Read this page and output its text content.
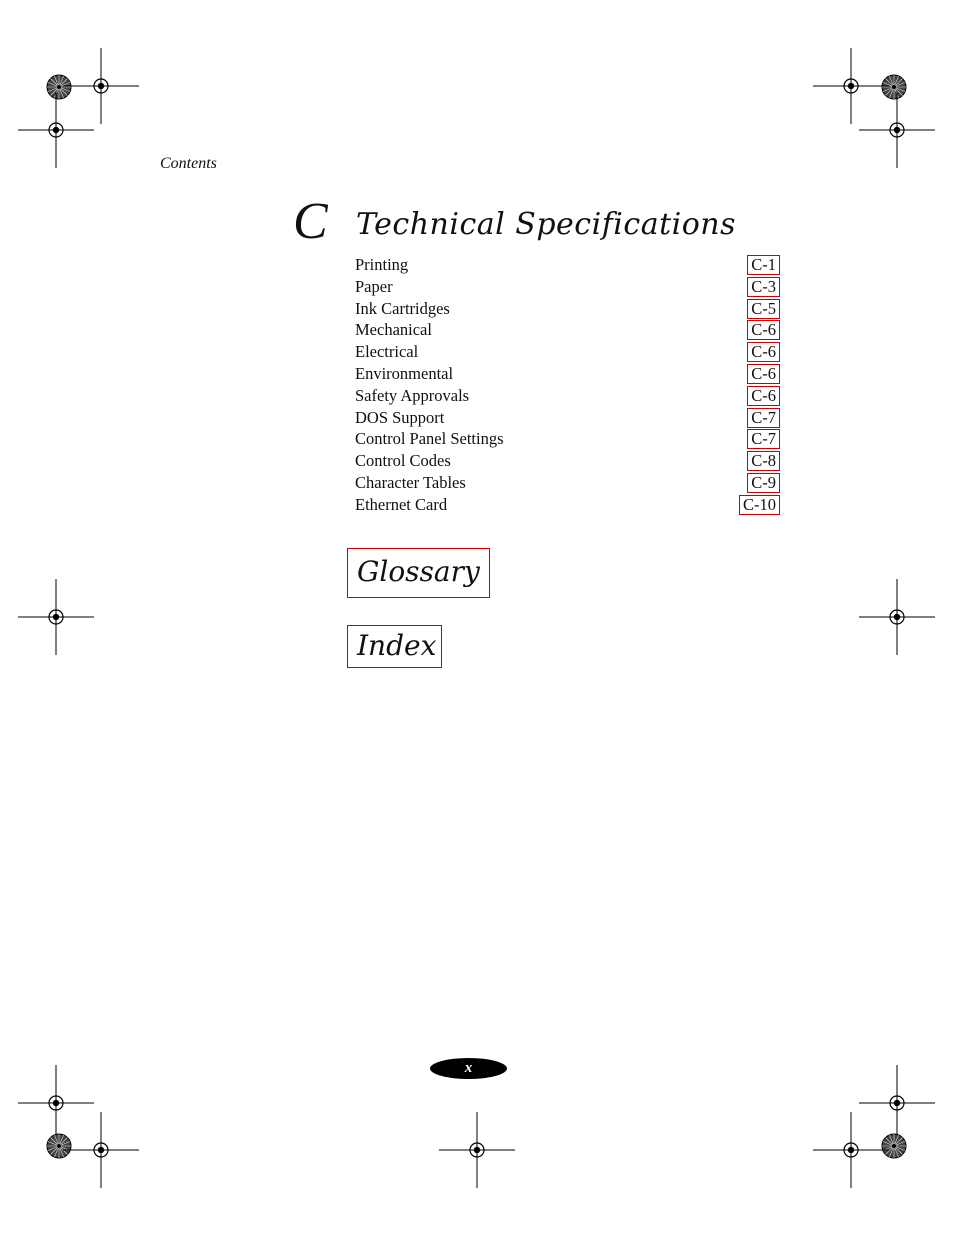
Contents
C Technical Specifications
Printing	C-1
Paper	C-3
Ink Cartridges	C-5
Mechanical	C-6
Electrical	C-6
Environmental	C-6
Safety Approvals	C-6
DOS Support	C-7
Control Panel Settings	C-7
Control Codes	C-8
Character Tables	C-9
Ethernet Card	C-10
Glossary
Index
x
